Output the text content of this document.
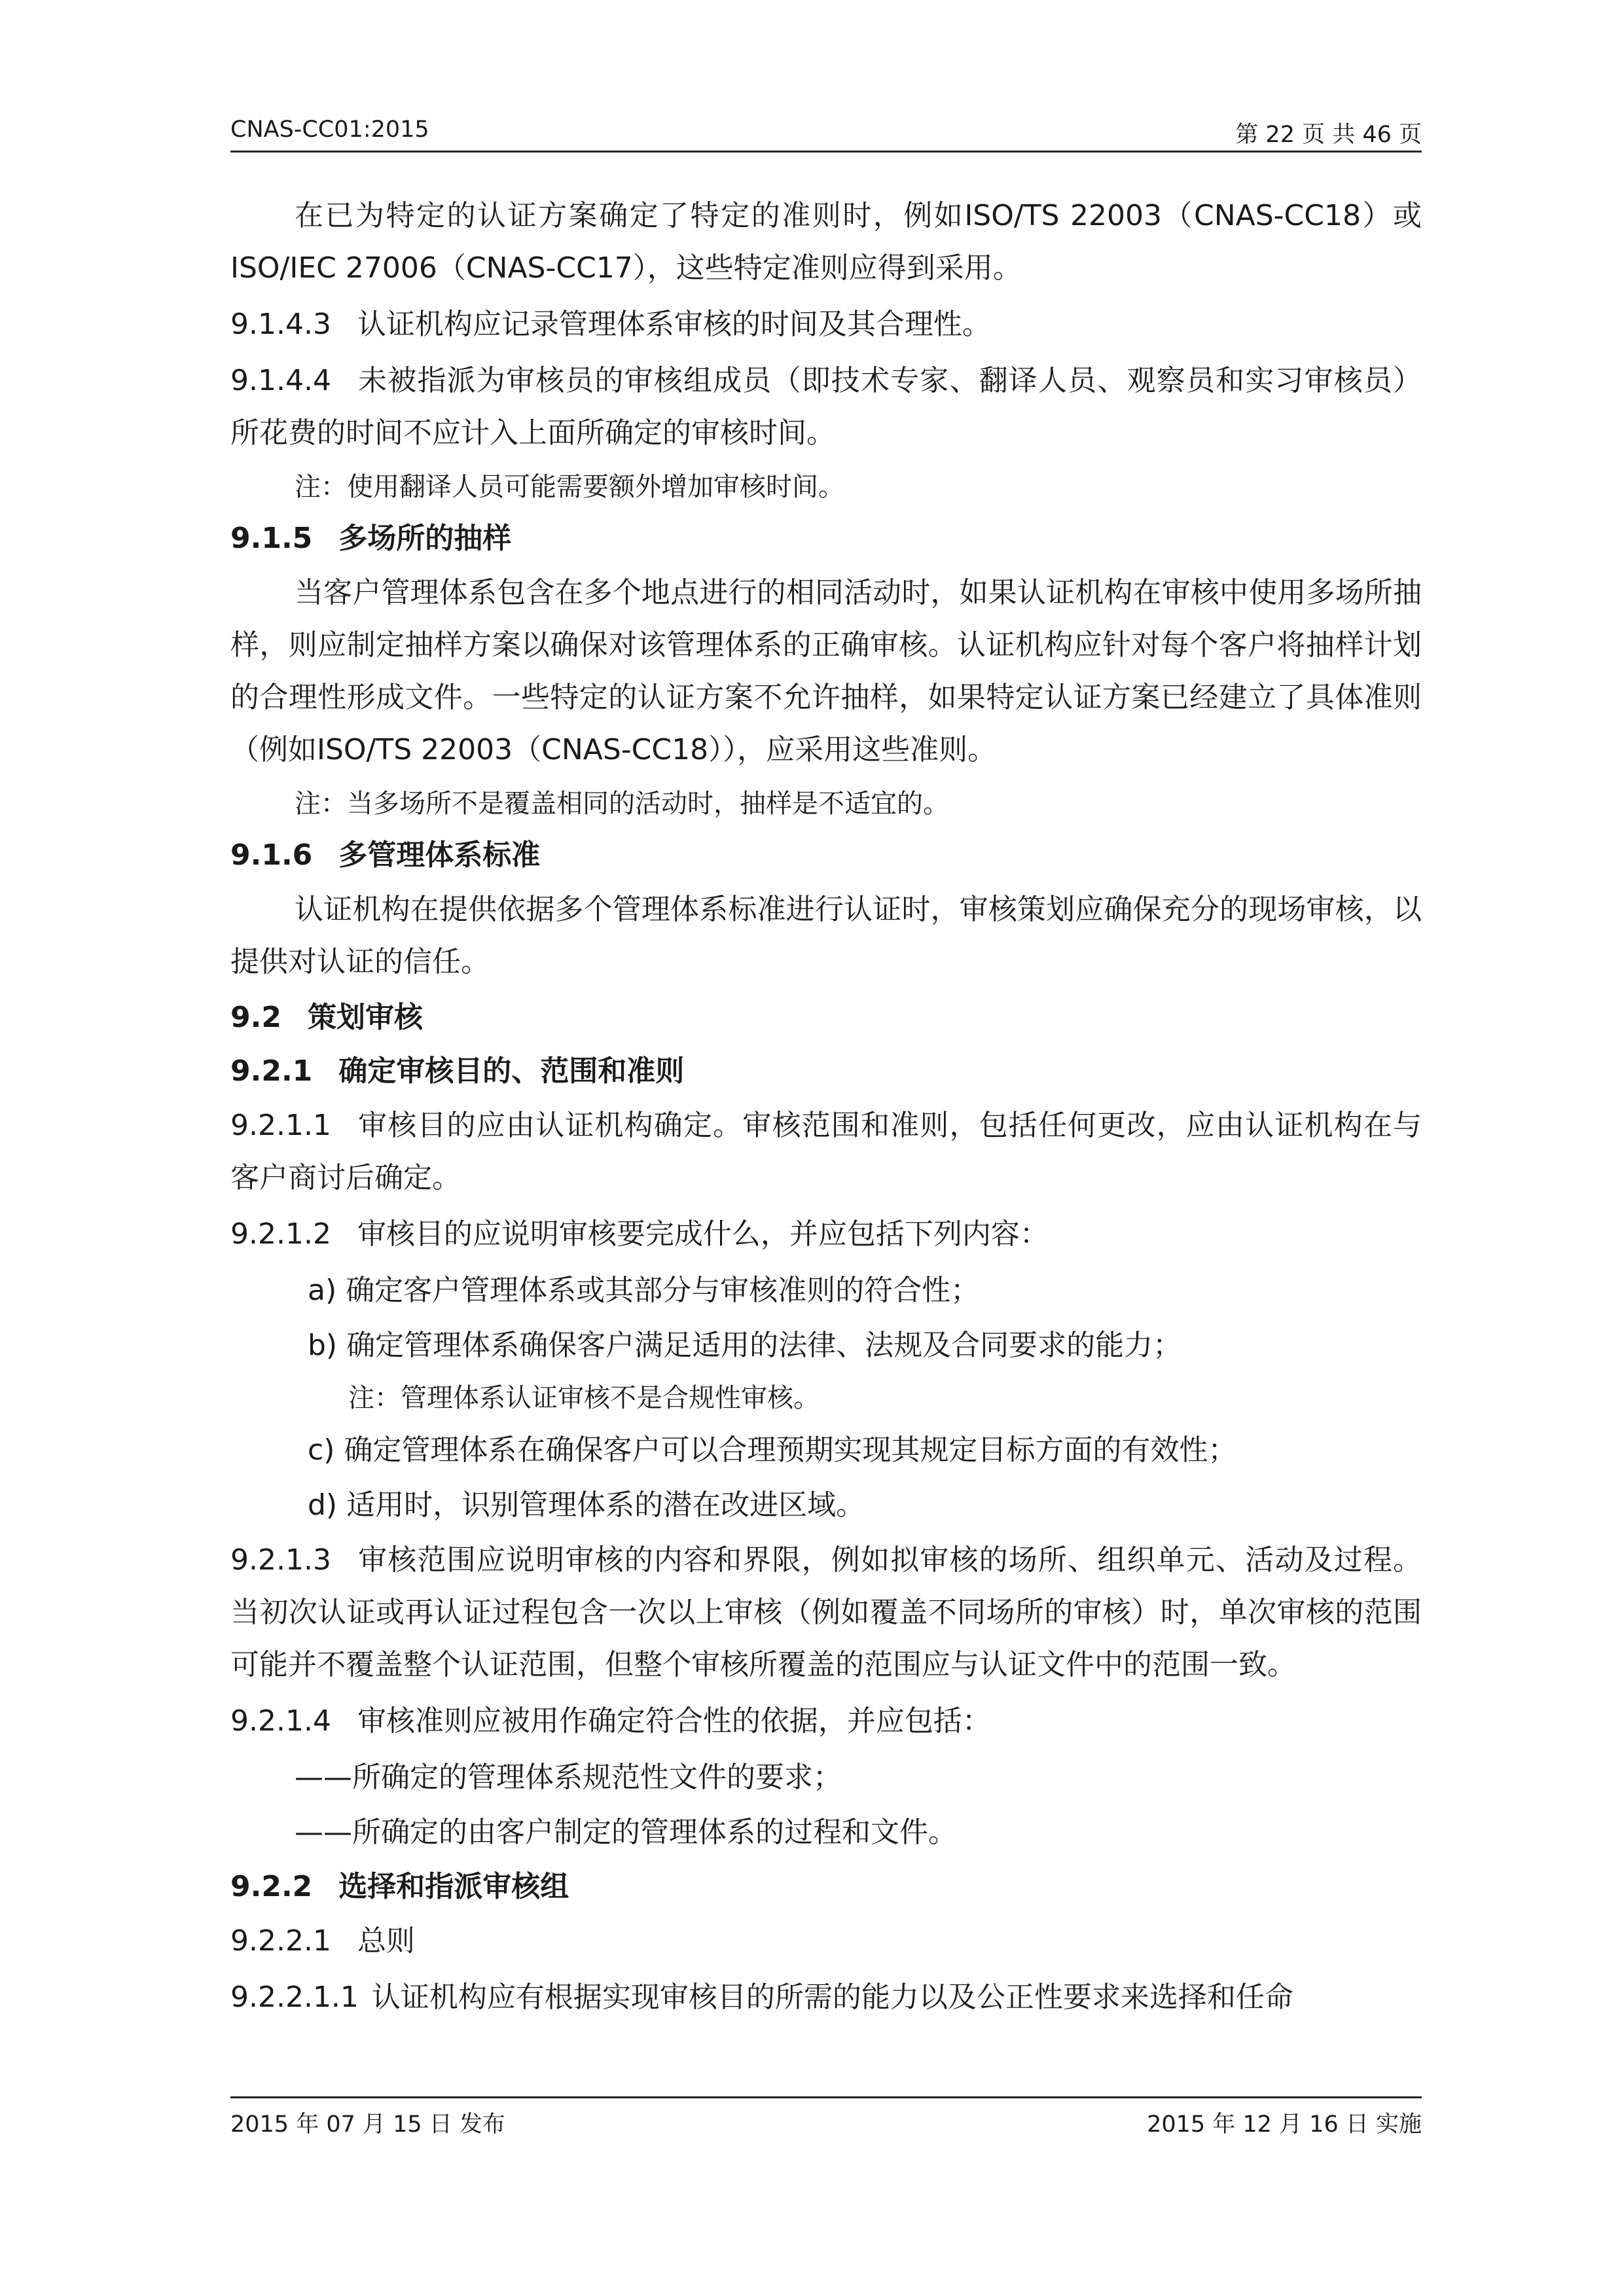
CNAS-CC01:2015	第 22 页 共 46 页

在已为特定的认证方案确定了特定的准则时，例如ISO/TS 22003（CNAS-CC18）或ISO/IEC 27006（CNAS-CC17），这些特定准则应得到采用。

9.1.4.3 认证机构应记录管理体系审核的时间及其合理性。

9.1.4.4 未被指派为审核员的审核组成员（即技术专家、翻译人员、观察员和实习审核员）所花费的时间不应计入上面所确定的审核时间。

注：使用翻译人员可能需要额外增加审核时间。

9.1.5 多场所的抽样

当客户管理体系包含在多个地点进行的相同活动时，如果认证机构在审核中使用多场所抽样，则应制定抽样方案以确保对该管理体系的正确审核。认证机构应针对每个客户将抽样计划的合理性形成文件。一些特定的认证方案不允许抽样，如果特定认证方案已经建立了具体准则（例如ISO/TS 22003（CNAS-CC18）），应采用这些准则。

注：当多场所不是覆盖相同的活动时，抽样是不适宜的。

9.1.6 多管理体系标准

认证机构在提供依据多个管理体系标准进行认证时，审核策划应确保充分的现场审核，以提供对认证的信任。

9.2 策划审核
9.2.1 确定审核目的、范围和准则

9.2.1.1 审核目的应由认证机构确定。审核范围和准则，包括任何更改，应由认证机构在与客户商讨后确定。

9.2.1.2 审核目的应说明审核要完成什么，并应包括下列内容：

a) 确定客户管理体系或其部分与审核准则的符合性；

b) 确定管理体系确保客户满足适用的法律、法规及合同要求的能力；

注：管理体系认证审核不是合规性审核。

c) 确定管理体系在确保客户可以合理预期实现其规定目标方面的有效性；

d) 适用时，识别管理体系的潜在改进区域。

9.2.1.3 审核范围应说明审核的内容和界限，例如拟审核的场所、组织单元、活动及过程。当初次认证或再认证过程包含一次以上审核（例如覆盖不同场所的审核）时，单次审核的范围可能并不覆盖整个认证范围，但整个审核所覆盖的范围应与认证文件中的范围一致。

9.2.1.4 审核准则应被用作确定符合性的依据，并应包括：

——所确定的管理体系规范性文件的要求；

——所确定的由客户制定的管理体系的过程和文件。

9.2.2 选择和指派审核组

9.2.2.1 总则

9.2.2.1.1 认证机构应有根据实现审核目的所需的能力以及公正性要求来选择和任命

2015 年 07 月 15 日 发布	2015 年 12 月 16 日 实施
